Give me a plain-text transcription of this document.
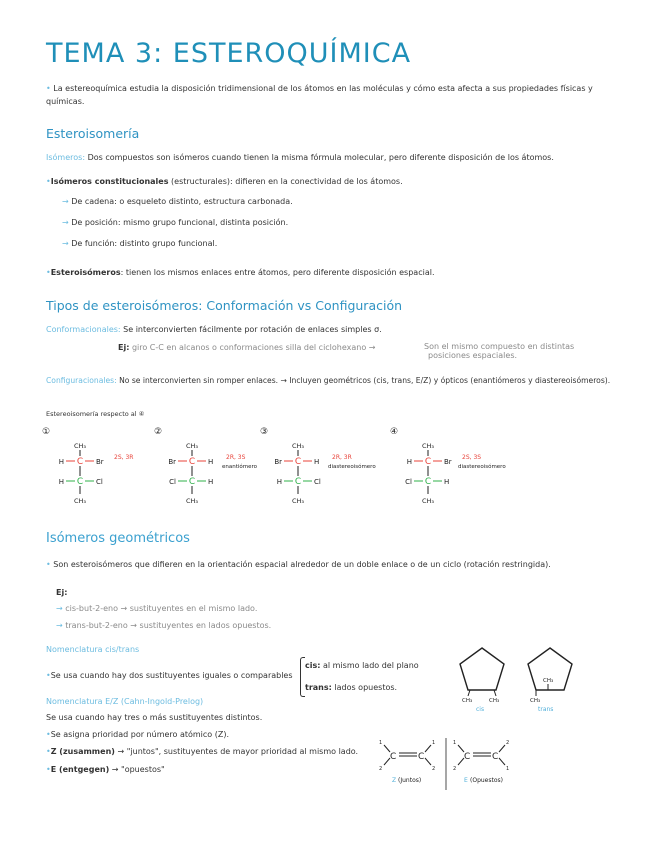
TEMA 3: ESTEROQUÍMICA
• La estereoquímica estudia la disposición tridimensional de los átomos en las moléculas y cómo esta afecta a sus propiedades físicas y químicas.
Esteroisomería
Isómeros: Dos compuestos son isómeros cuando tienen la misma fórmula molecular, pero diferente disposición de los átomos.
•Isómeros constitucionales (estructurales): difieren en la conectividad de los átomos.
→ De cadena: o esqueleto distinto, estructura carbonada.
→ De posición: mismo grupo funcional, distinta posición.
→ De función: distinto grupo funcional.
•Esteroisómeros: tienen los mismos enlaces entre átomos, pero diferente disposición espacial.
Tipos de esteroisómeros: Conformación vs Configuración
Conformacionales: Se interconvierten fácilmente por rotación de enlaces simples σ.
Ej: giro C-C en alcanos o conformaciones silla del ciclohexano →	Son el mismo compuesto en distintas
posiciones espaciales.
Configuracionales: No se interconvierten sin romper enlaces. → Incluyen geométricos (cis, trans, E/Z) y ópticos (enantiómeros y diastereoisómeros).
Estereoisomería respecto al ④
①
CH₃
C
H	Br
C
H	Cl
CH₃
2S, 3R
②
CH₃
C
Br	H
C
Cl	H
CH₃
2R, 3S
enantiómero
③
CH₃
C
Br	H
C
H	Cl
CH₃
2R, 3R
diastereoisómero
④
CH₃
C
H	Br
C
Cl	H
CH₃
2S, 3S
diastereoisómero
Isómeros geométricos
• Son esteroisómeros que difieren en la orientación espacial alrededor de un doble enlace o de un ciclo (rotación restringida).
Ej:
→ cis-but-2-eno → sustituyentes en el mismo lado.
→ trans-but-2-eno → sustituyentes en lados opuestos.
Nomenclatura cis/trans
•Se usa cuando hay dos sustituyentes iguales o comparables
cis: al mismo lado del plano
trans: lados opuestos.
CH₃	CH₃
cis
CH₃
CH₃
trans
Nomenclatura E/Z (Cahn-Ingold-Prelog)
Se usa cuando hay tres o más sustituyentes distintos.
•Se asigna prioridad por número atómico (Z).
•Z (zusammen) → "juntos", sustituyentes de mayor prioridad al mismo lado.
•E (entgegen) → "opuestos"
C C
1	1
2	2
Z (Juntos)
C C
1	2
2	1
E (Opuestos)
